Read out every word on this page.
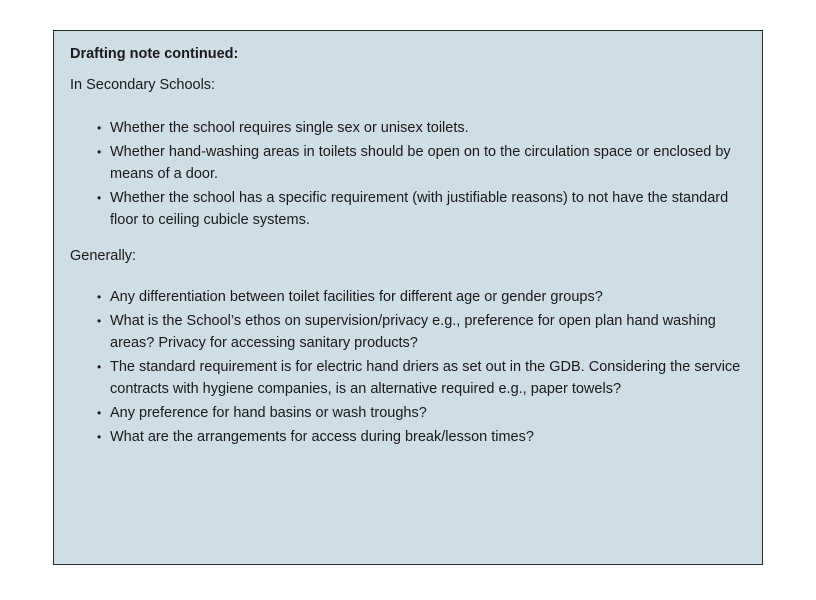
Drafting note continued:

In Secondary Schools:

• Whether the school requires single sex or unisex toilets.
• Whether hand-washing areas in toilets should be open on to the circulation space or enclosed by means of a door.
• Whether the school has a specific requirement (with justifiable reasons) to not have the standard floor to ceiling cubicle systems.

Generally:

• Any differentiation between toilet facilities for different age or gender groups?
• What is the School’s ethos on supervision/privacy e.g., preference for open plan hand washing areas? Privacy for accessing sanitary products?
• The standard requirement is for electric hand driers as set out in the GDB. Considering the service contracts with hygiene companies, is an alternative required e.g., paper towels?
• Any preference for hand basins or wash troughs?
• What are the arrangements for access during break/lesson times?
